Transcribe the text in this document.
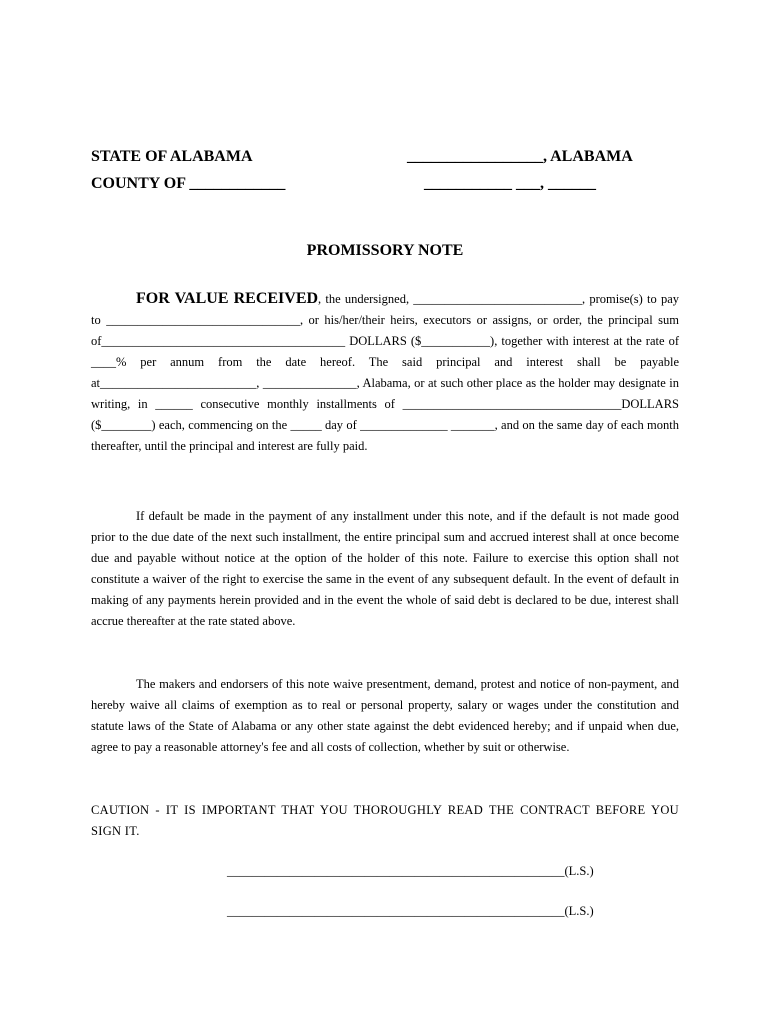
STATE OF ALABAMA
COUNTY OF ____________
_________________, ALABAMA
___________ ___, ______
PROMISSORY NOTE
FOR VALUE RECEIVED, the undersigned, ___________________________, promise(s) to pay to _______________________________, or his/her/their heirs, executors or assigns, or order, the principal sum of_______________________________________ DOLLARS ($___________), together with interest at the rate of ____% per annum from the date hereof. The said principal and interest shall be payable at_________________________, _______________, Alabama, or at such other place as the holder may designate in writing, in ______ consecutive monthly installments of ___________________________________DOLLARS ($________) each, commencing on the _____ day of ______________ _______, and on the same day of each month thereafter, until the principal and interest are fully paid.
If default be made in the payment of any installment under this note, and if the default is not made good prior to the due date of the next such installment, the entire principal sum and accrued interest shall at once become due and payable without notice at the option of the holder of this note. Failure to exercise this option shall not constitute a waiver of the right to exercise the same in the event of any subsequent default. In the event of default in making of any payments herein provided and in the event the whole of said debt is declared to be due, interest shall accrue thereafter at the rate stated above.
The makers and endorsers of this note waive presentment, demand, protest and notice of non-payment, and hereby waive all claims of exemption as to real or personal property, salary or wages under the constitution and statute laws of the State of Alabama or any other state against the debt evidenced hereby; and if unpaid when due, agree to pay a reasonable attorney's fee and all costs of collection, whether by suit or otherwise.
CAUTION - IT IS IMPORTANT THAT YOU THOROUGHLY READ THE CONTRACT BEFORE YOU SIGN IT.
______________________________________________________(L.S.)
______________________________________________________(L.S.)
